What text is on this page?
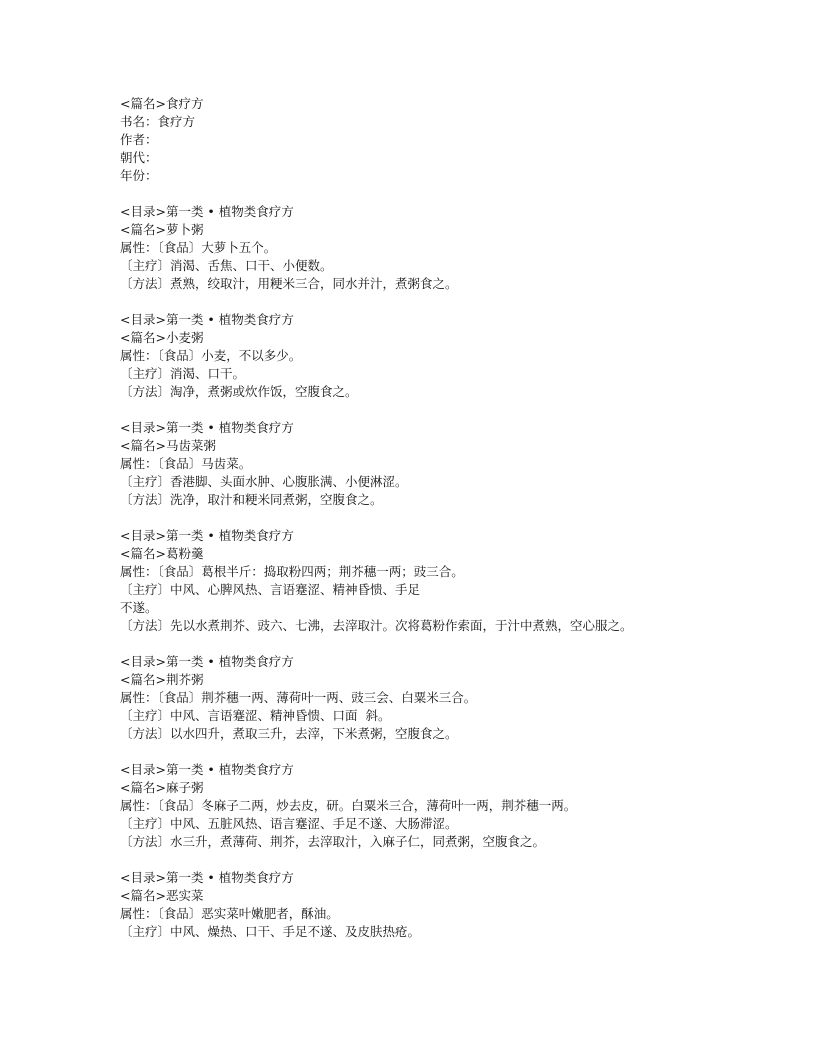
<篇名>食疗方
书名：食疗方
作者：
朝代：
年份：
<目录>第一类 • 植物类食疗方
<篇名>萝卜粥
属性：〔食品〕大萝卜五个。
〔主疗〕消渴、舌焦、口干、小便数。
〔方法〕煮熟，绞取汁，用粳米三合，同水并汁，煮粥食之。
<目录>第一类 • 植物类食疗方
<篇名>小麦粥
属性：〔食品〕小麦，不以多少。
〔主疗〕消渴、口干。
〔方法〕淘净，煮粥或炊作饭，空腹食之。
<目录>第一类 • 植物类食疗方
<篇名>马齿菜粥
属性：〔食品〕马齿菜。
〔主疗〕香港脚、头面水肿、心腹胀满、小便淋涩。
〔方法〕洗净，取汁和粳米同煮粥，空腹食之。
<目录>第一类 • 植物类食疗方
<篇名>葛粉羹
属性：〔食品〕葛根半斤：捣取粉四两；荆芥穗一两；豉三合。
〔主疗〕中风、心脾风热、言语蹇涩、精神昏愦、手足
不遂。
〔方法〕先以水煮荆芥、豉六、七沸，去滓取汁。次将葛粉作索面，于汁中煮熟，空心服之。
<目录>第一类 • 植物类食疗方
<篇名>荆芥粥
属性：〔食品〕荆芥穗一两、薄荷叶一两、豉三会、白粟米三合。
〔主疗〕中风、言语蹇涩、精神昏愦、口面  斜。
〔方法〕以水四升，煮取三升，去滓，下米煮粥，空腹食之。
<目录>第一类 • 植物类食疗方
<篇名>麻子粥
属性：〔食品〕冬麻子二两，炒去皮，研。白粟米三合，薄荷叶一两，荆芥穗一两。
〔主疗〕中风、五脏风热、语言蹇涩、手足不遂、大肠滞涩。
〔方法〕水三升，煮薄荷、荆芥，去滓取汁，入麻子仁，同煮粥，空腹食之。
<目录>第一类 • 植物类食疗方
<篇名>恶实菜
属性：〔食品〕恶实菜叶嫩肥者，酥油。
〔主疗〕中风、燥热、口干、手足不遂、及皮肤热疮。
